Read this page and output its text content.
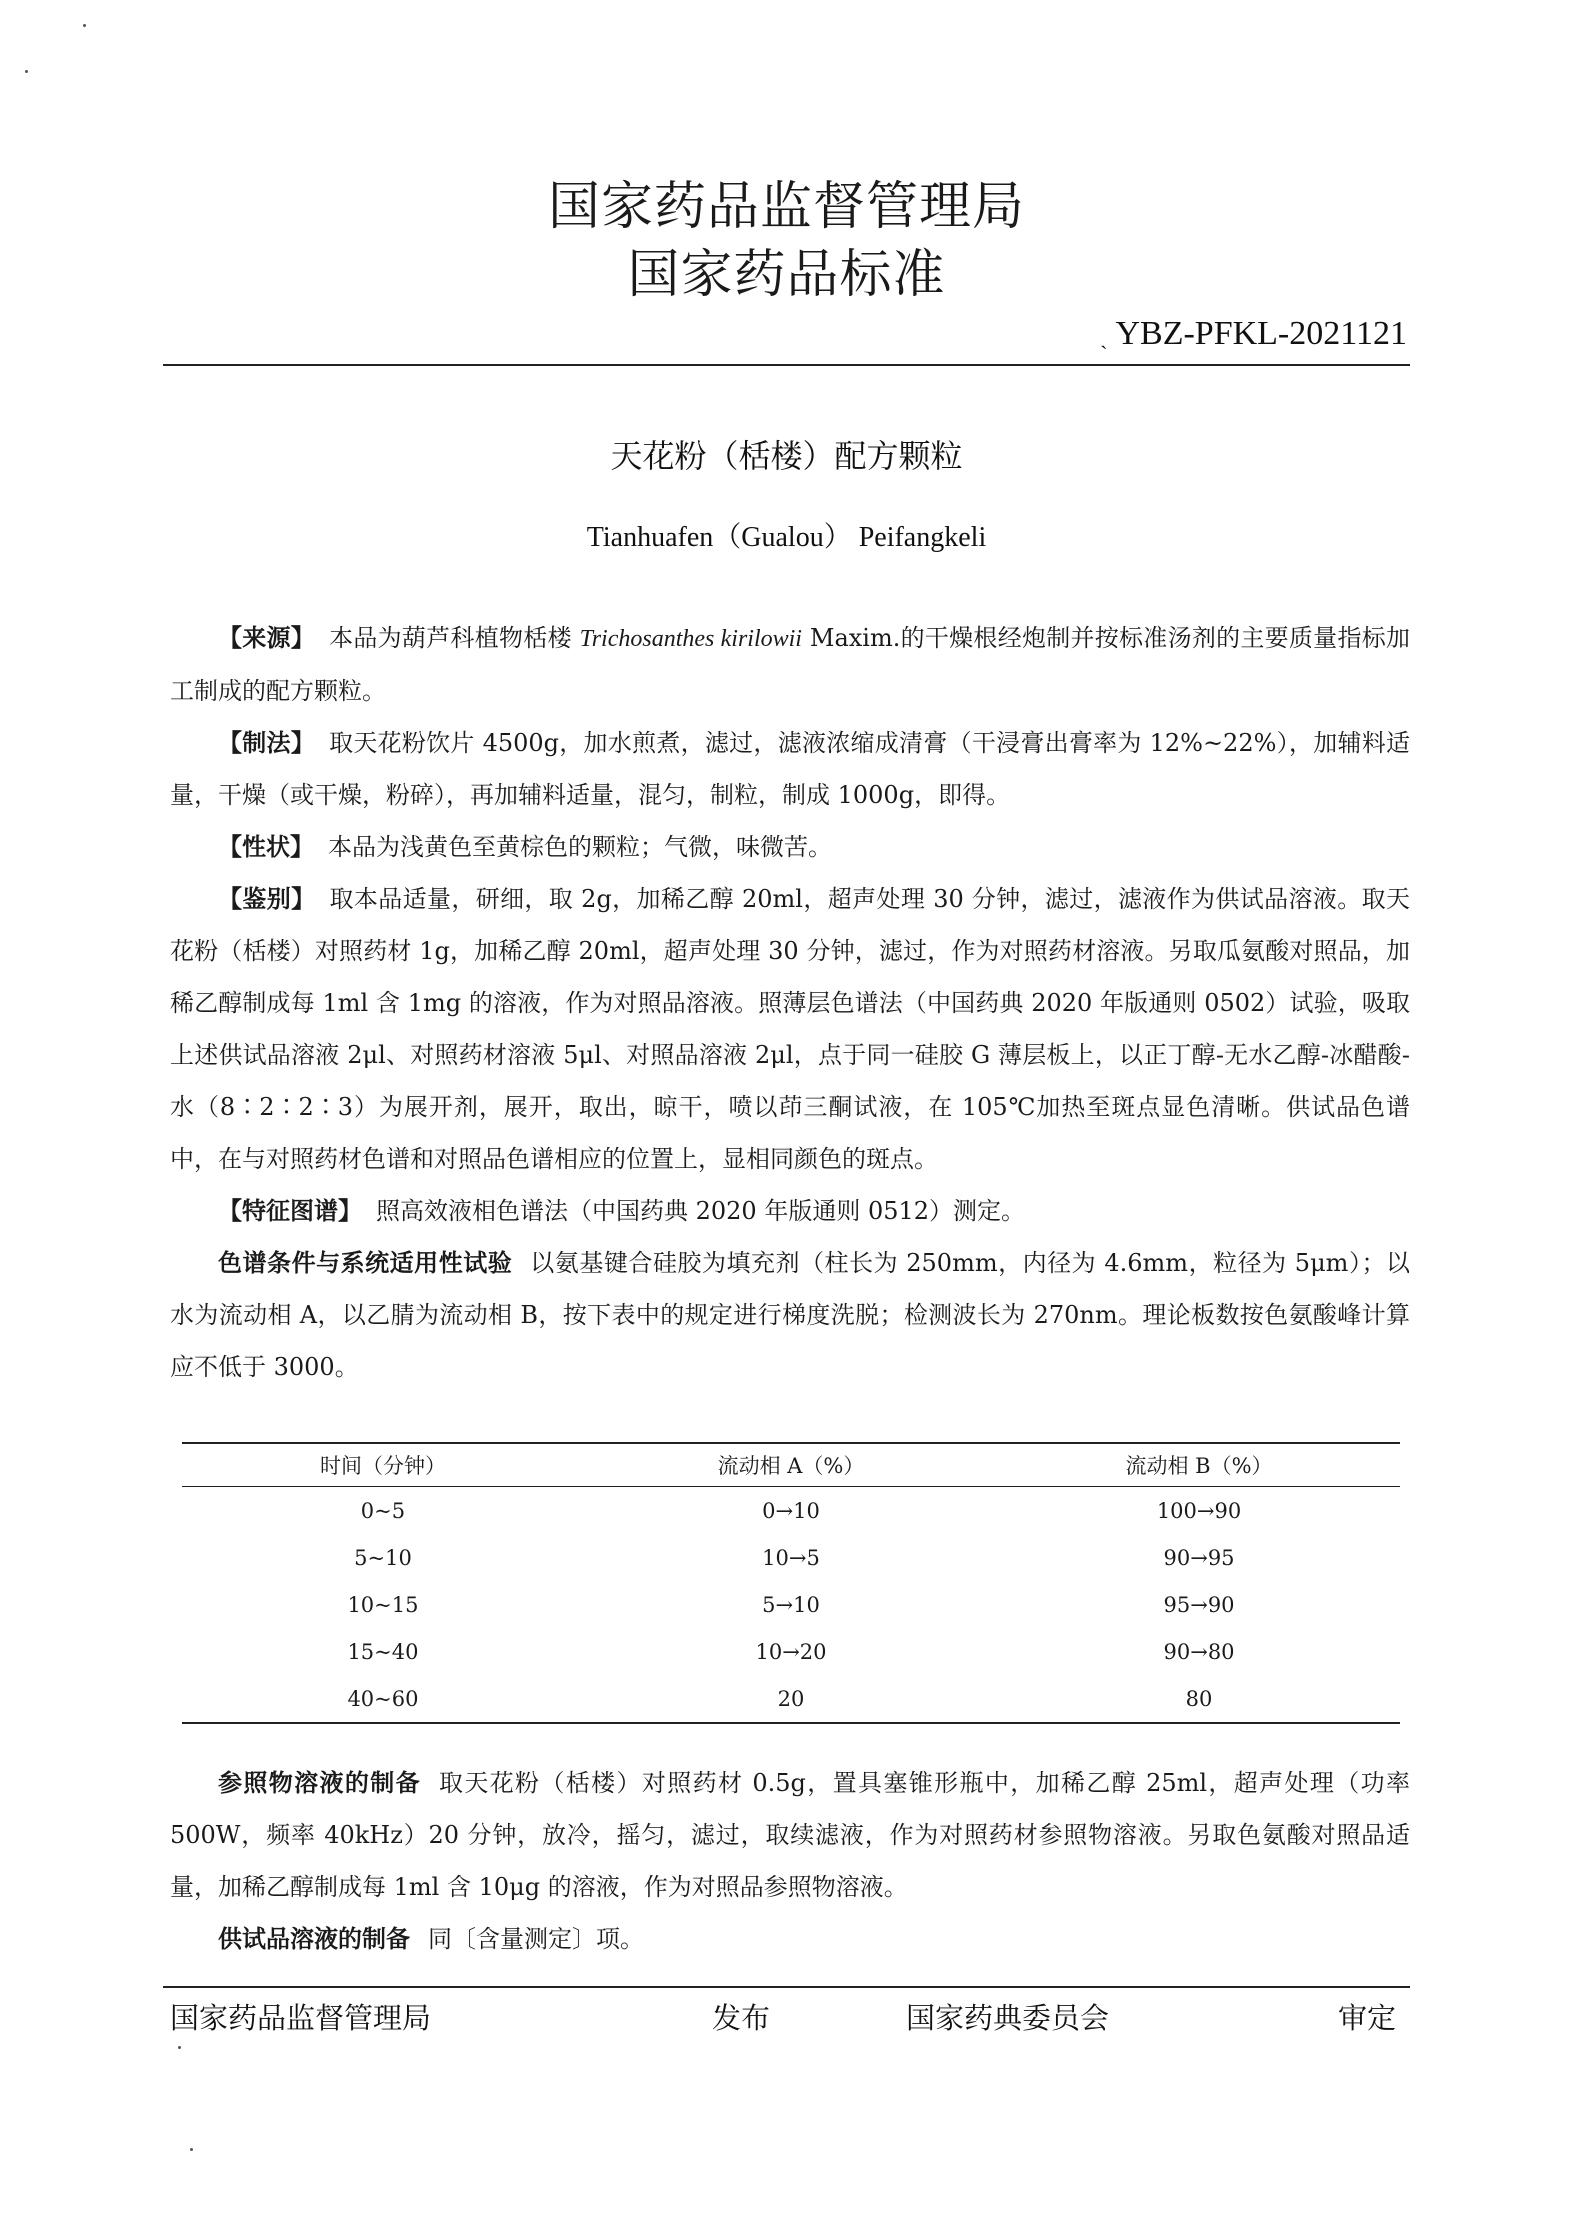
国家药品监督管理局
国家药品标准
ˏ YBZ-PFKL-2021121
天花粉（栝楼）配方颗粒
Tianhuafen（Gualou） Peifangkeli

【来源】 本品为葫芦科植物栝楼 Trichosanthes kirilowii Maxim.的干燥根经炮制并按标准汤剂的主要质量指标加工制成的配方颗粒。

【制法】 取天花粉饮片 4500g，加水煎煮，滤过，滤液浓缩成清膏（干浸膏出膏率为 12%~22%），加辅料适量，干燥（或干燥，粉碎），再加辅料适量，混匀，制粒，制成 1000g，即得。

【性状】 本品为浅黄色至黄棕色的颗粒；气微，味微苦。

【鉴别】 取本品适量，研细，取 2g，加稀乙醇 20ml，超声处理 30 分钟，滤过，滤液作为供试品溶液。取天花粉（栝楼）对照药材 1g，加稀乙醇 20ml，超声处理 30 分钟，滤过，作为对照药材溶液。另取瓜氨酸对照品，加稀乙醇制成每 1ml 含 1mg 的溶液，作为对照品溶液。照薄层色谱法（中国药典 2020 年版通则 0502）试验，吸取上述供试品溶液 2μl、对照药材溶液 5μl、对照品溶液 2μl，点于同一硅胶 G 薄层板上，以正丁醇-无水乙醇-冰醋酸-水（8∶2∶2∶3）为展开剂，展开，取出，晾干，喷以茚三酮试液，在 105℃加热至斑点显色清晰。供试品色谱中，在与对照药材色谱和对照品色谱相应的位置上，显相同颜色的斑点。

【特征图谱】 照高效液相色谱法（中国药典 2020 年版通则 0512）测定。

色谱条件与系统适用性试验 以氨基键合硅胶为填充剂（柱长为 250mm，内径为 4.6mm，粒径为 5μm）；以水为流动相 A，以乙腈为流动相 B，按下表中的规定进行梯度洗脱；检测波长为 270nm。理论板数按色氨酸峰计算应不低于 3000。

时间（分钟）	流动相 A（%）	流动相 B（%）
0~5	0→10	100→90
5~10	10→5	90→95
10~15	5→10	95→90
15~40	10→20	90→80
40~60	20	80

参照物溶液的制备 取天花粉（栝楼）对照药材 0.5g，置具塞锥形瓶中，加稀乙醇 25ml，超声处理（功率 500W，频率 40kHz）20 分钟，放冷，摇匀，滤过，取续滤液，作为对照药材参照物溶液。另取色氨酸对照品适量，加稀乙醇制成每 1ml 含 10μg 的溶液，作为对照品参照物溶液。

供试品溶液的制备 同〔含量测定〕项。

国家药品监督管理局	发布	国家药典委员会	审定
